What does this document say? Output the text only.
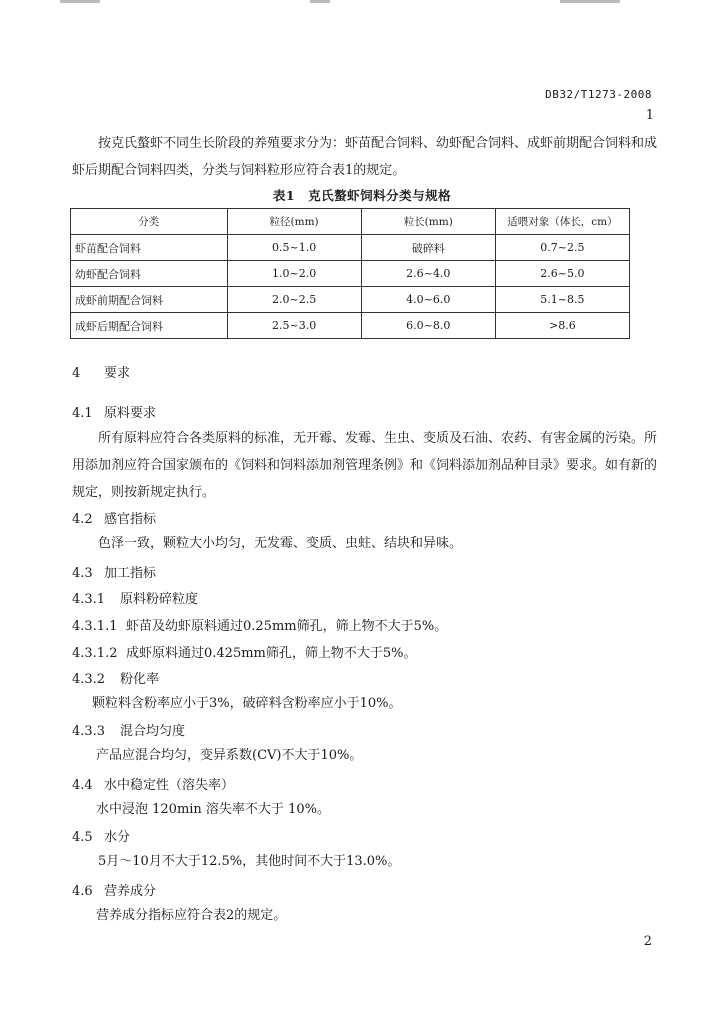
DB32/T1273-2008
1
按克氏螯虾不同生长阶段的养殖要求分为：虾苗配合饲料、幼虾配合饲料、成虾前期配合饲料和成虾后期配合饲料四类，分类与饲料粒形应符合表1的规定。
表1　克氏螯虾饲料分类与规格
分类	粒径(mm)	粒长(mm)	适喂对象（体长，cm）
虾苗配合饲料	0.5~1.0	破碎料	0.7~2.5
幼虾配合饲料	1.0~2.0	2.6~4.0	2.6~5.0
成虾前期配合饲料	2.0~2.5	4.0~6.0	5.1~8.5
成虾后期配合饲料	2.5~3.0	6.0~8.0	>8.6
4 要求
4.1 原料要求
所有原料应符合各类原料的标准，无开霉、发霉、生虫、变质及石油、农药、有害金属的污染。所用添加剂应符合国家颁布的《饲料和饲料添加剂管理条例》和《饲料添加剂品种目录》要求。如有新的规定，则按新规定执行。
4.2 感官指标
色泽一致，颗粒大小均匀，无发霉、变质、虫蛀、结块和异味。
4.3 加工指标
4.3.1 原料粉碎粒度
4.3.1.1 虾苗及幼虾原料通过0.25mm筛孔，筛上物不大于5%。
4.3.1.2 成虾原料通过0.425mm筛孔，筛上物不大于5%。
4.3.2 粉化率
颗粒料含粉率应小于3%，破碎料含粉率应小于10%。
4.3.3 混合均匀度
产品应混合均匀，变异系数(CV)不大于10%。
4.4 水中稳定性（溶失率）
水中浸泡 120min 溶失率不大于 10%。
4.5 水分
5月～10月不大于12.5%，其他时间不大于13.0%。
4.6 营养成分
营养成分指标应符合表2的规定。
2
